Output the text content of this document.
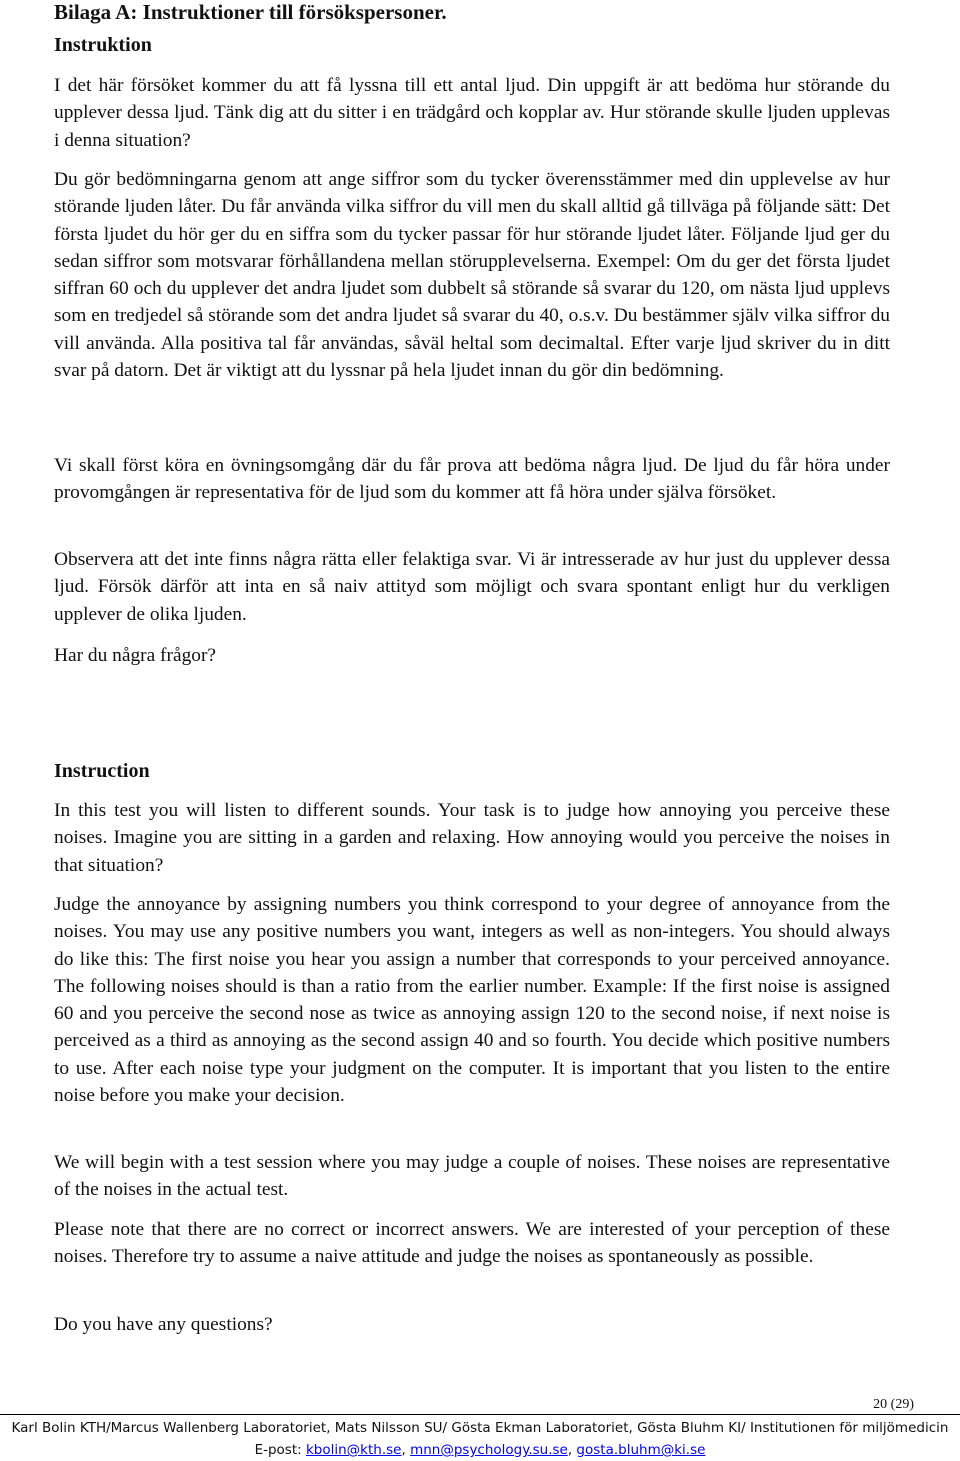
Bilaga A: Instruktioner till försökspersoner.
Instruktion

I det här försöket kommer du att få lyssna till ett antal ljud. Din uppgift är att bedöma hur störande du upplever dessa ljud. Tänk dig att du sitter i en trädgård och kopplar av. Hur störande skulle ljuden upplevas i denna situation?

Du gör bedömningarna genom att ange siffror som du tycker överensstämmer med din upplevelse av hur störande ljuden låter. Du får använda vilka siffror du vill men du skall alltid gå tillväga på följande sätt: Det första ljudet du hör ger du en siffra som du tycker passar för hur störande ljudet låter. Följande ljud ger du sedan siffror som motsvarar förhållandena mellan störupplevelserna. Exempel: Om du ger det första ljudet siffran 60 och du upplever det andra ljudet som dubbelt så störande så svarar du 120, om nästa ljud upplevs som en tredjedel så störande som det andra ljudet så svarar du 40, o.s.v. Du bestämmer själv vilka siffror du vill använda. Alla positiva tal får användas, såväl heltal som decimaltal. Efter varje ljud skriver du in ditt svar på datorn. Det är viktigt att du lyssnar på hela ljudet innan du gör din bedömning.

Vi skall först köra en övningsomgång där du får prova att bedöma några ljud. De ljud du får höra under provomgången är representativa för de ljud som du kommer att få höra under själva försöket.

Observera att det inte finns några rätta eller felaktiga svar. Vi är intresserade av hur just du upplever dessa ljud. Försök därför att inta en så naiv attityd som möjligt och svara spontant enligt hur du verkligen upplever de olika ljuden.

Har du några frågor?

Instruction

In this test you will listen to different sounds. Your task is to judge how annoying you perceive these noises. Imagine you are sitting in a garden and relaxing. How annoying would you perceive the noises in that situation?

Judge the annoyance by assigning numbers you think correspond to your degree of annoyance from the noises. You may use any positive numbers you want, integers as well as non-integers. You should always do like this: The first noise you hear you assign a number that corresponds to your perceived annoyance. The following noises should is than a ratio from the earlier number. Example: If the first noise is assigned 60 and you perceive the second nose as twice as annoying assign 120 to the second noise, if next noise is perceived as a third as annoying as the second assign 40 and so fourth. You decide which positive numbers to use. After each noise type your judgment on the computer. It is important that you listen to the entire noise before you make your decision.

We will begin with a test session where you may judge a couple of noises. These noises are representative of the noises in the actual test.

Please note that there are no correct or incorrect answers. We are interested of your perception of these noises. Therefore try to assume a naive attitude and judge the noises as spontaneously as possible.

Do you have any questions?

20 (29)
Karl Bolin KTH/Marcus Wallenberg Laboratoriet, Mats Nilsson SU/ Gösta Ekman Laboratoriet, Gösta Bluhm KI/ Institutionen för miljömedicin
E-post: kbolin@kth.se, mnn@psychology.su.se, gosta.bluhm@ki.se
